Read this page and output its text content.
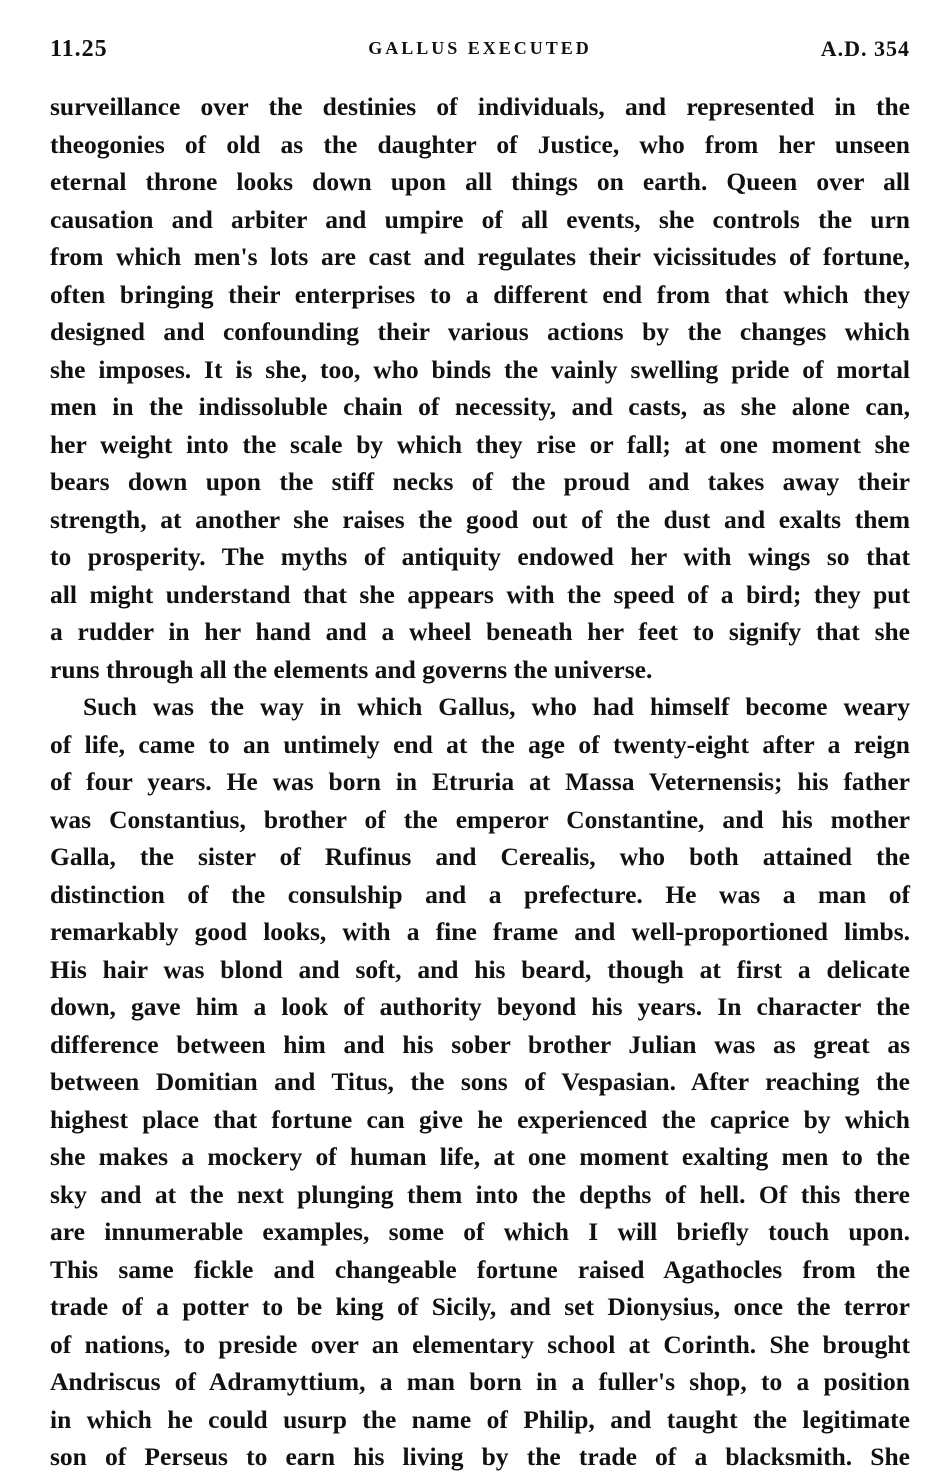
11.25	GALLUS EXECUTED	A.D. 354
surveillance over the destinies of individuals, and represented in the
theogonies of old as the daughter of Justice, who from her unseen
eternal throne looks down upon all things on earth. Queen over all
causation and arbiter and umpire of all events, she controls the urn
from which men's lots are cast and regulates their vicissitudes of fortune,
often bringing their enterprises to a different end from that which they
designed and confounding their various actions by the changes which
she imposes. It is she, too, who binds the vainly swelling pride of mortal
men in the indissoluble chain of necessity, and casts, as she alone can,
her weight into the scale by which they rise or fall; at one moment she
bears down upon the stiff necks of the proud and takes away their
strength, at another she raises the good out of the dust and exalts them
to prosperity. The myths of antiquity endowed her with wings so that
all might understand that she appears with the speed of a bird; they put
a rudder in her hand and a wheel beneath her feet to signify that she
runs through all the elements and governs the universe.
Such was the way in which Gallus, who had himself become weary
of life, came to an untimely end at the age of twenty-eight after a reign
of four years. He was born in Etruria at Massa Veternensis; his father
was Constantius, brother of the emperor Constantine, and his mother
Galla, the sister of Rufinus and Cerealis, who both attained the
distinction of the consulship and a prefecture. He was a man of
remarkably good looks, with a fine frame and well-proportioned limbs.
His hair was blond and soft, and his beard, though at first a delicate
down, gave him a look of authority beyond his years. In character the
difference between him and his sober brother Julian was as great as
between Domitian and Titus, the sons of Vespasian. After reaching the
highest place that fortune can give he experienced the caprice by which
she makes a mockery of human life, at one moment exalting men to the
sky and at the next plunging them into the depths of hell. Of this there
are innumerable examples, some of which I will briefly touch upon.
This same fickle and changeable fortune raised Agathocles from the
trade of a potter to be king of Sicily, and set Dionysius, once the terror
of nations, to preside over an elementary school at Corinth. She brought
Andriscus of Adramyttium, a man born in a fuller's shop, to a position
in which he could usurp the name of Philip, and taught the legitimate
son of Perseus to earn his living by the trade of a blacksmith. She
